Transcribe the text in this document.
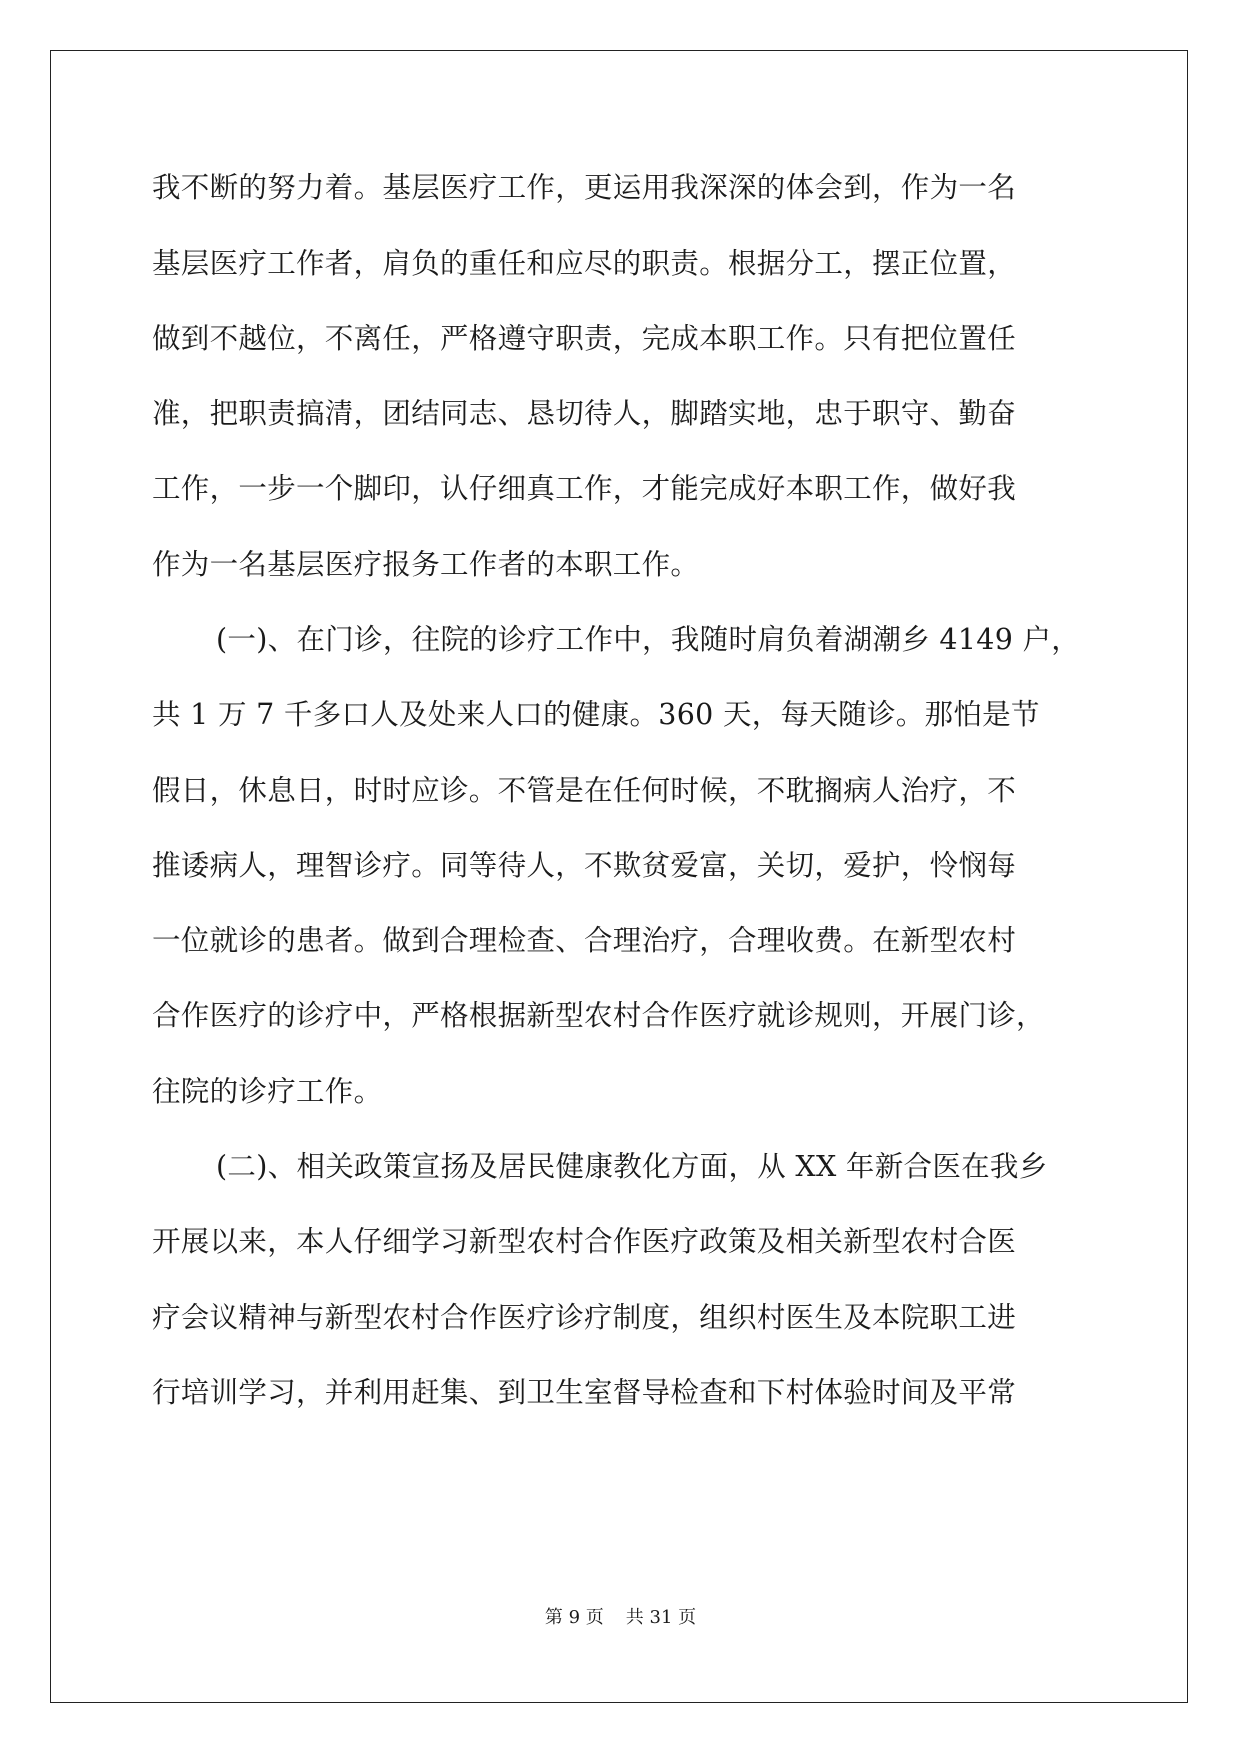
我不断的努力着。基层医疗工作，更运用我深深的体会到，作为一名
基层医疗工作者，肩负的重任和应尽的职责。根据分工，摆正位置，
做到不越位，不离任，严格遵守职责，完成本职工作。只有把位置任
准，把职责搞清，团结同志、恳切待人，脚踏实地，忠于职守、勤奋
工作，一步一个脚印，认仔细真工作，才能完成好本职工作，做好我
作为一名基层医疗报务工作者的本职工作。
(一)、在门诊，往院的诊疗工作中，我随时肩负着湖潮乡 4149 户，
共 1 万 7 千多口人及处来人口的健康。360 天，每天随诊。那怕是节
假日，休息日，时时应诊。不管是在任何时候，不耽搁病人治疗，不
推诿病人，理智诊疗。同等待人，不欺贫爱富，关切，爱护，怜悯每
一位就诊的患者。做到合理检查、合理治疗，合理收费。在新型农村
合作医疗的诊疗中，严格根据新型农村合作医疗就诊规则，开展门诊，
往院的诊疗工作。
(二)、相关政策宣扬及居民健康教化方面，从 XX 年新合医在我乡
开展以来，本人仔细学习新型农村合作医疗政策及相关新型农村合医
疗会议精神与新型农村合作医疗诊疗制度，组织村医生及本院职工进
行培训学习，并利用赶集、到卫生室督导检查和下村体验时间及平常
第 9 页 共 31 页
